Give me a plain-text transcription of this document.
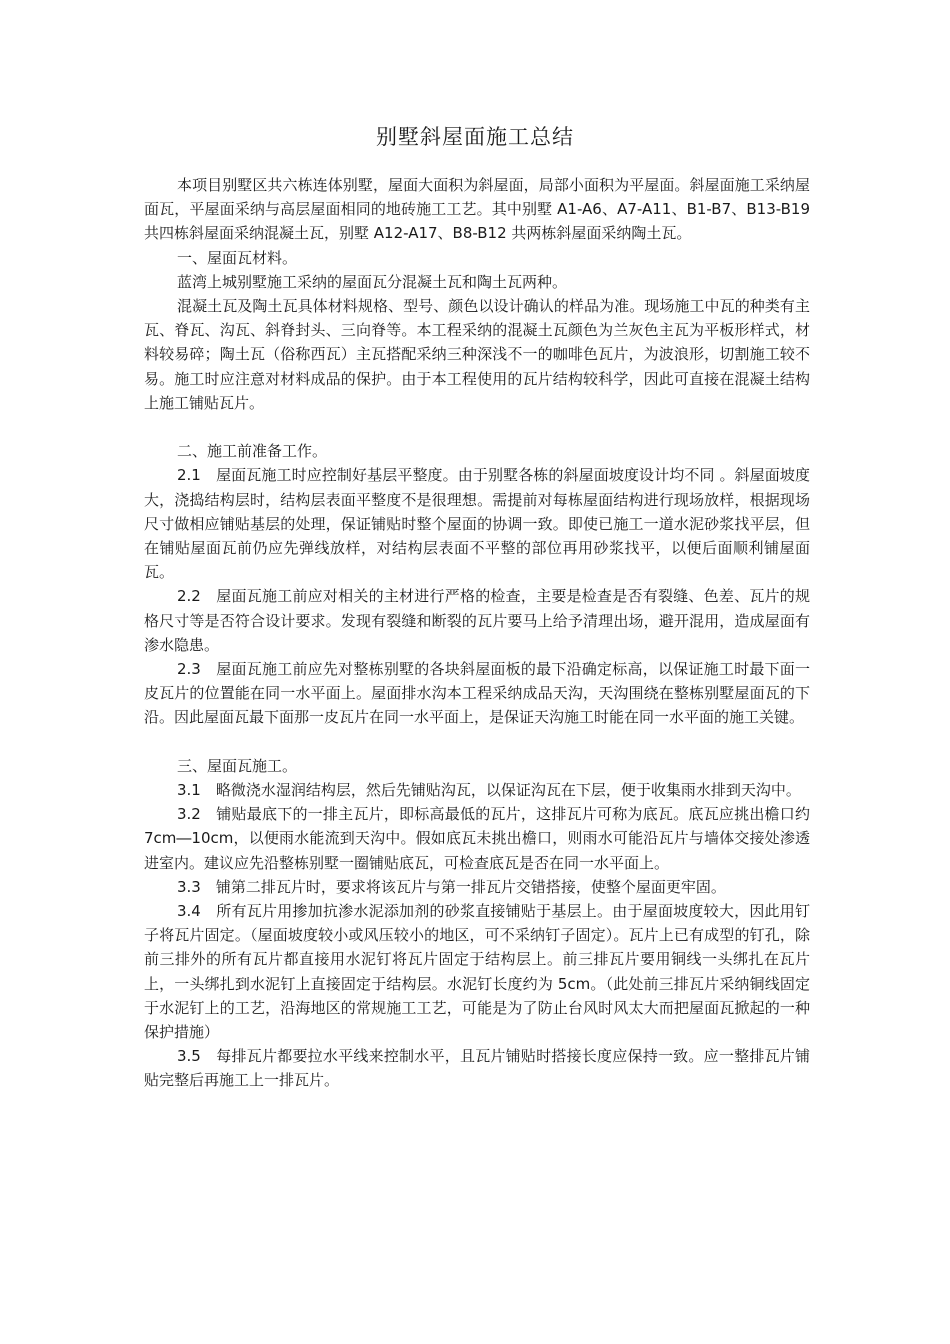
别墅斜屋面施工总结

本项目别墅区共六栋连体别墅，屋面大面积为斜屋面，局部小面积为平屋面。斜屋面施工采纳屋面瓦，平屋面采纳与高层屋面相同的地砖施工工艺。其中别墅 A1-A6、A7-A11、B1-B7、B13-B19 共四栋斜屋面采纳混凝土瓦，别墅 A12-A17、B8-B12 共两栋斜屋面采纳陶土瓦。

一、屋面瓦材料。

蓝湾上城别墅施工采纳的屋面瓦分混凝土瓦和陶土瓦两种。

混凝土瓦及陶土瓦具体材料规格、型号、颜色以设计确认的样品为准。现场施工中瓦的种类有主瓦、脊瓦、沟瓦、斜脊封头、三向脊等。本工程采纳的混凝土瓦颜色为兰灰色主瓦为平板形样式，材料较易碎；陶土瓦（俗称西瓦）主瓦搭配采纳三种深浅不一的咖啡色瓦片，为波浪形，切割施工较不易。施工时应注意对材料成品的保护。由于本工程使用的瓦片结构较科学，因此可直接在混凝土结构上施工铺贴瓦片。

二、施工前准备工作。

2.1　屋面瓦施工时应控制好基层平整度。由于别墅各栋的斜屋面坡度设计均不同 。斜屋面坡度大，浇捣结构层时，结构层表面平整度不是很理想。需提前对每栋屋面结构进行现场放样，根据现场尺寸做相应铺贴基层的处理，保证铺贴时整个屋面的协调一致。即使已施工一道水泥砂浆找平层，但在铺贴屋面瓦前仍应先弹线放样，对结构层表面不平整的部位再用砂浆找平，以便后面顺利铺屋面瓦。

2.2　屋面瓦施工前应对相关的主材进行严格的检查，主要是检查是否有裂缝、色差、瓦片的规格尺寸等是否符合设计要求。发现有裂缝和断裂的瓦片要马上给予清理出场，避开混用，造成屋面有渗水隐患。

2.3　屋面瓦施工前应先对整栋别墅的各块斜屋面板的最下沿确定标高，以保证施工时最下面一皮瓦片的位置能在同一水平面上。屋面排水沟本工程采纳成品天沟，天沟围绕在整栋别墅屋面瓦的下沿。因此屋面瓦最下面那一皮瓦片在同一水平面上，是保证天沟施工时能在同一水平面的施工关键。

三、屋面瓦施工。

3.1　略微浇水湿润结构层，然后先铺贴沟瓦，以保证沟瓦在下层，便于收集雨水排到天沟中。

3.2　铺贴最底下的一排主瓦片，即标高最低的瓦片，这排瓦片可称为底瓦。底瓦应挑出檐口约 7cm―10cm，以便雨水能流到天沟中。假如底瓦未挑出檐口，则雨水可能沿瓦片与墙体交接处渗透进室内。建议应先沿整栋别墅一圈铺贴底瓦，可检查底瓦是否在同一水平面上。

3.3　铺第二排瓦片时，要求将该瓦片与第一排瓦片交错搭接，使整个屋面更牢固。

3.4　所有瓦片用掺加抗渗水泥添加剂的砂浆直接铺贴于基层上。由于屋面坡度较大，因此用钉子将瓦片固定。（屋面坡度较小或风压较小的地区，可不采纳钉子固定）。瓦片上已有成型的钉孔，除前三排外的所有瓦片都直接用水泥钉将瓦片固定于结构层上。前三排瓦片要用铜线一头绑扎在瓦片上，一头绑扎到水泥钉上直接固定于结构层。水泥钉长度约为 5cm。（此处前三排瓦片采纳铜线固定于水泥钉上的工艺，沿海地区的常规施工工艺，可能是为了防止台风时风太大而把屋面瓦掀起的一种保护措施）

3.5　每排瓦片都要拉水平线来控制水平，且瓦片铺贴时搭接长度应保持一致。应一整排瓦片铺贴完整后再施工上一排瓦片。
